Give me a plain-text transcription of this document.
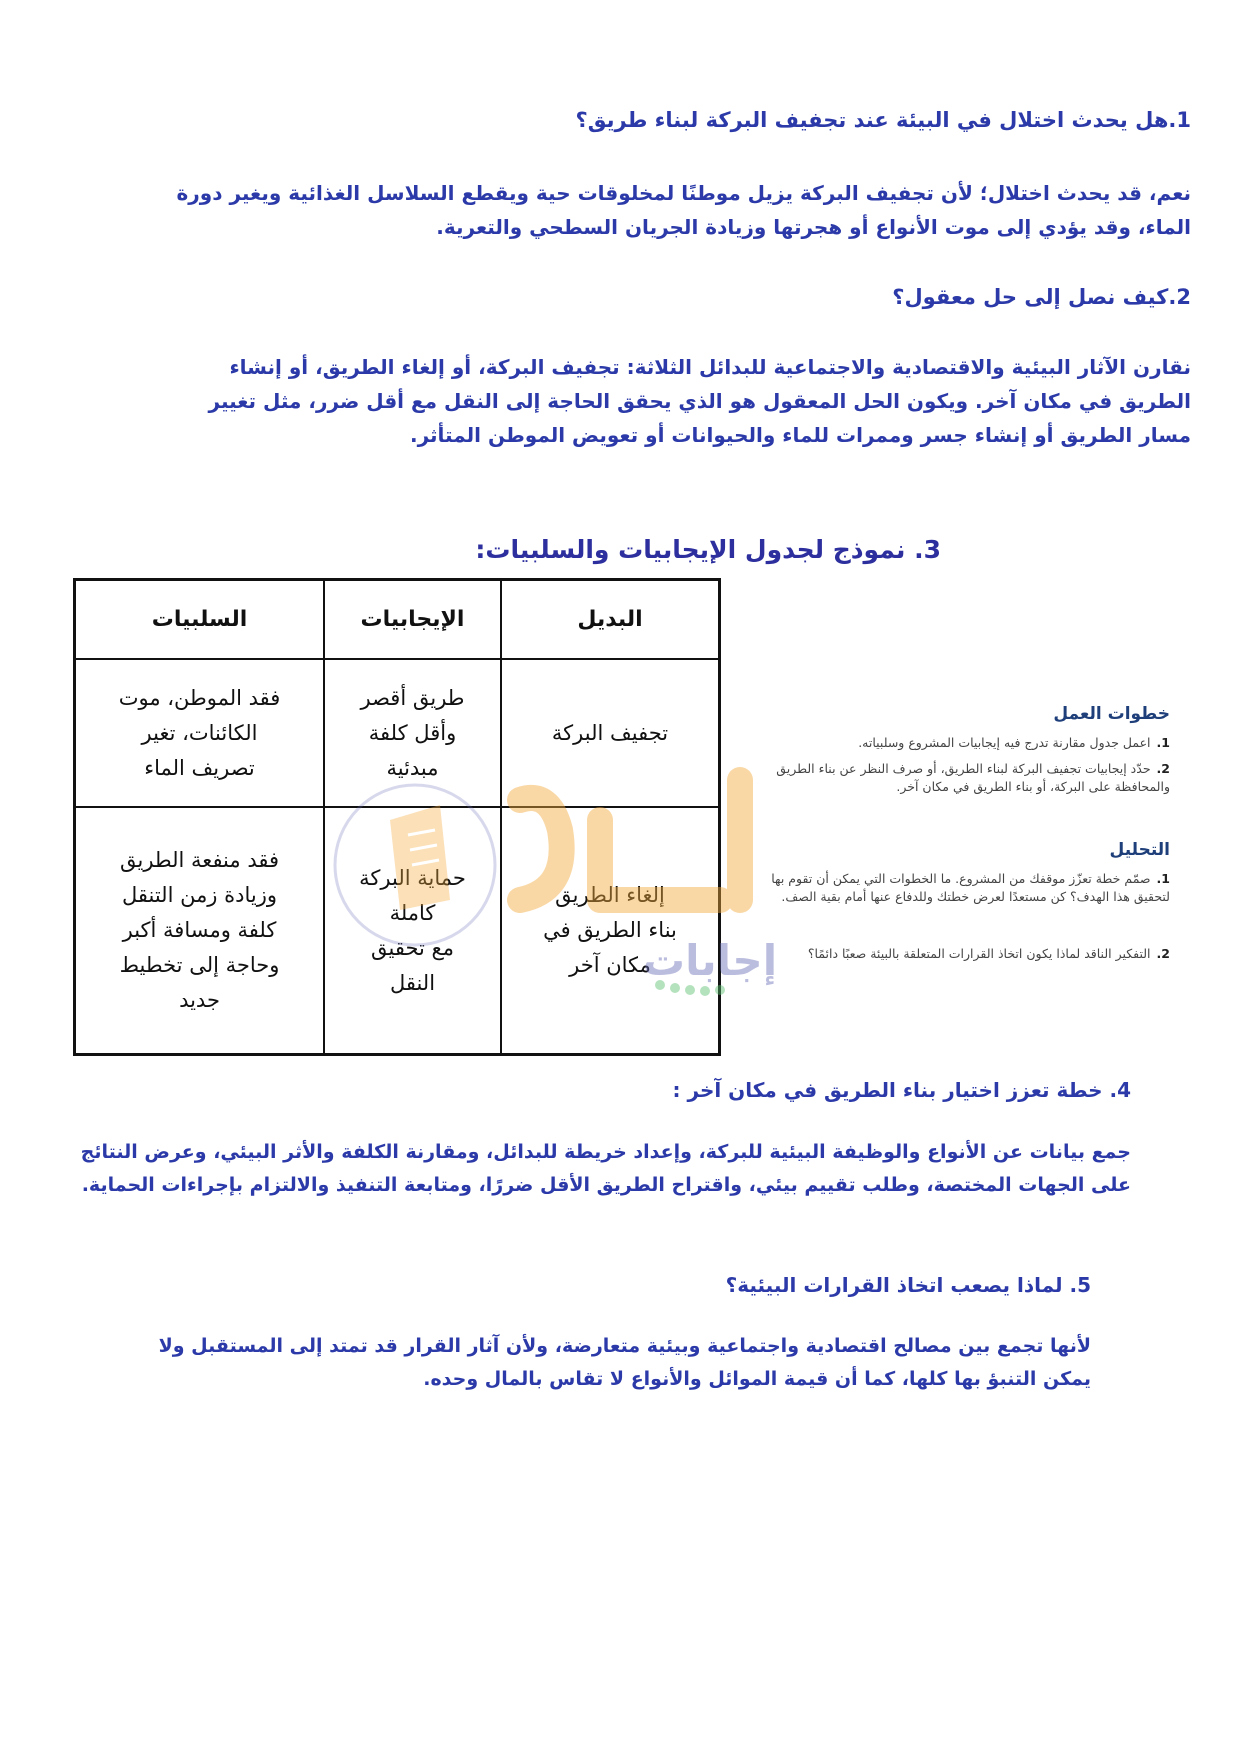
1.هل يحدث اختلال في البيئة عند تجفيف البركة لبناء طريق؟

نعم، قد يحدث اختلال؛ لأن تجفيف البركة يزيل موطنًا لمخلوقات حية ويقطع السلاسل الغذائية ويغير دورة الماء، وقد يؤدي إلى موت الأنواع أو هجرتها وزيادة الجريان السطحي والتعرية.

2.كيف نصل إلى حل معقول؟

نقارن الآثار البيئية والاقتصادية والاجتماعية للبدائل الثلاثة: تجفيف البركة، أو إلغاء الطريق، أو إنشاء الطريق في مكان آخر. ويكون الحل المعقول هو الذي يحقق الحاجة إلى النقل مع أقل ضرر، مثل تغيير مسار الطريق أو إنشاء جسر وممرات للماء والحيوانات أو تعويض الموطن المتأثر.

3. نموذج لجدول الإيجابيات والسلبيات:

البديل
الإيجابيات
السلبيات
تجفيف البركة
طريق أقصر
وأقل كلفة
مبدئية
فقد الموطن، موت
الكائنات، تغير
تصريف الماء
إلغاء الطريق
بناء الطريق في
مكان آخر
حماية البركة
كاملة
مع تحقيق
النقل
فقد منفعة الطريق
وزيادة زمن التنقل
كلفة ومسافة أكبر
وحاجة إلى تخطيط
جديد
خطوات العمل
1.اعمل جدول مقارنة تدرج فيه إيجابيات المشروع وسلبياته.
2.حدّد إيجابيات تجفيف البركة لبناء الطريق، أو صرف النظر عن بناء الطريق والمحافظة على البركة، أو بناء الطريق في مكان آخر.
التحليل
1.صمّم خطة تعزّز موقفك من المشروع. ما الخطوات التي يمكن أن تقوم بها لتحقيق هذا الهدف؟ كن مستعدًا لعرض خطتك وللدفاع عنها أمام بقية الصف.
2.التفكير الناقد لماذا يكون اتخاذ القرارات المتعلقة بالبيئة صعبًا دائمًا؟
إجابات

4. خطة تعزز اختيار بناء الطريق في مكان آخر :

جمع بيانات عن الأنواع والوظيفة البيئية للبركة، وإعداد خريطة للبدائل، ومقارنة الكلفة والأثر البيئي، وعرض النتائج على الجهات المختصة، وطلب تقييم بيئي، واقتراح الطريق الأقل ضررًا، ومتابعة التنفيذ والالتزام بإجراءات الحماية.

5. لماذا يصعب اتخاذ القرارات البيئية؟

لأنها تجمع بين مصالح اقتصادية واجتماعية وبيئية متعارضة، ولأن آثار القرار قد تمتد إلى المستقبل ولا يمكن التنبؤ بها كلها، كما أن قيمة الموائل والأنواع لا تقاس بالمال وحده.
